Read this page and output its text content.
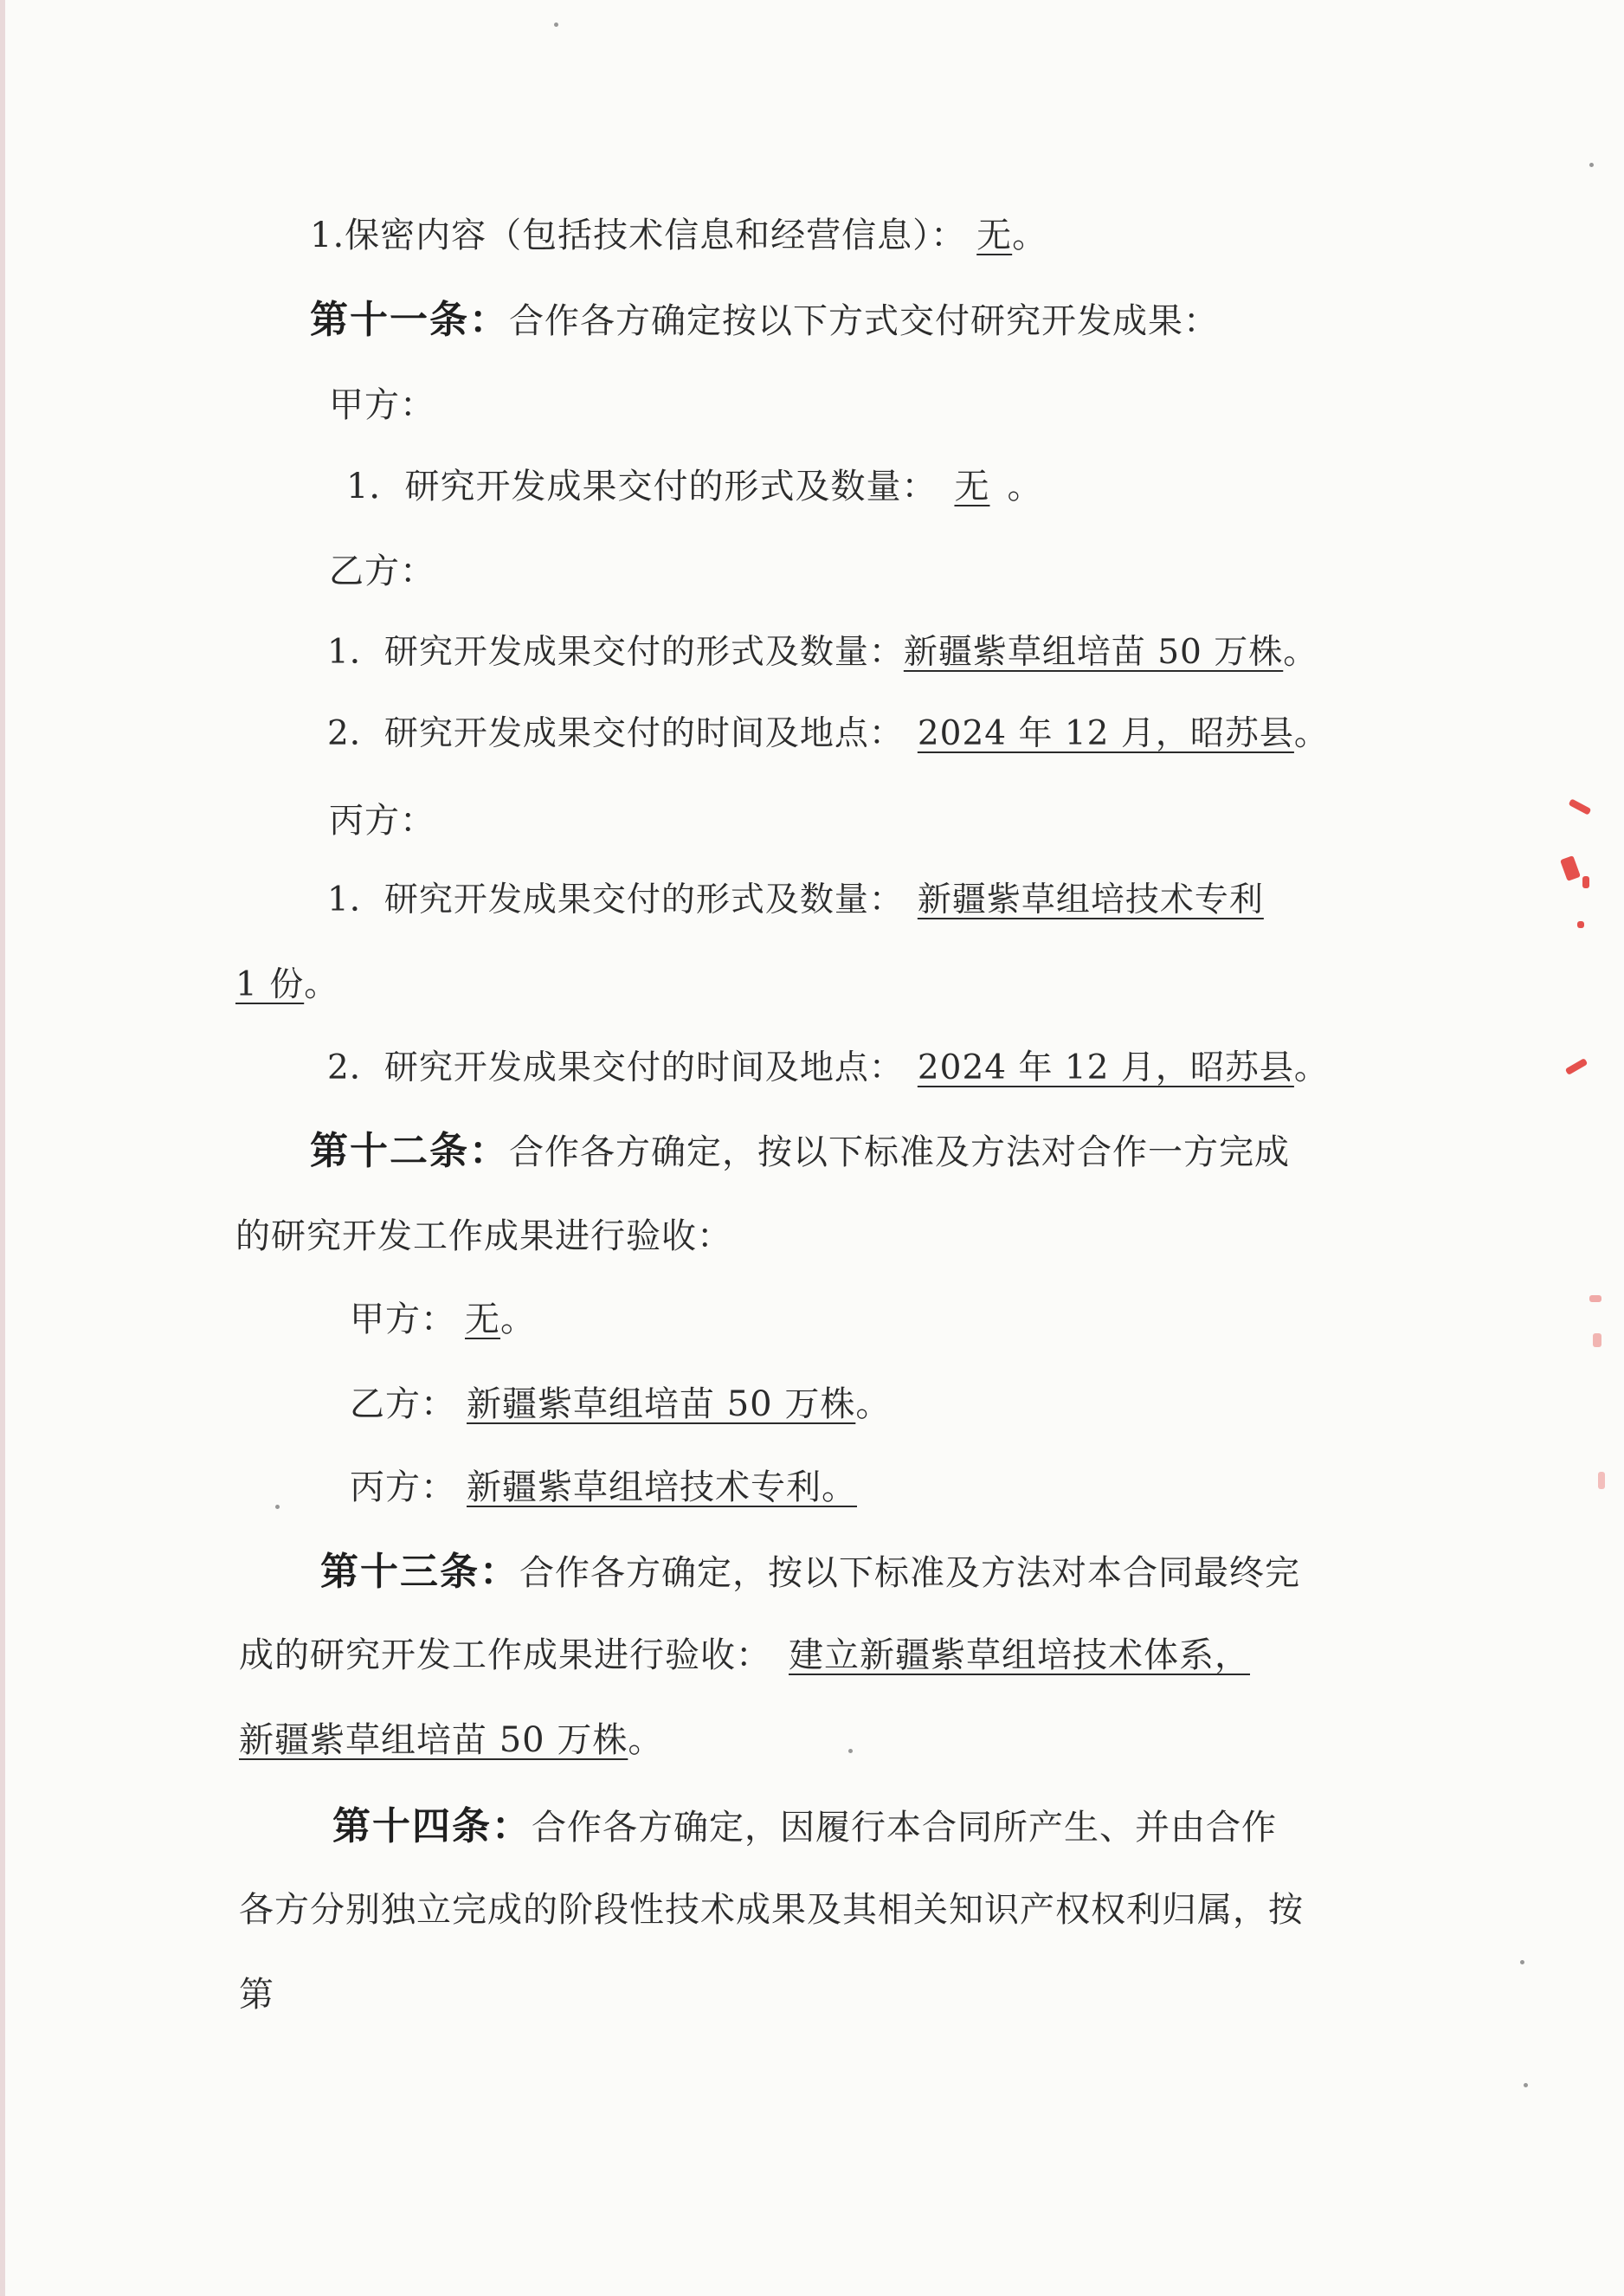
1.保密内容（包括技术信息和经营信息）： 无。
第十一条：合作各方确定按以下方式交付研究开发成果：
甲方：
1．研究开发成果交付的形式及数量： 无 。
乙方：
1．研究开发成果交付的形式及数量：新疆紫草组培苗 50 万株。
2．研究开发成果交付的时间及地点： 2024 年 12 月，昭苏县。
丙方：
1．研究开发成果交付的形式及数量： 新疆紫草组培技术专利
1 份。
2．研究开发成果交付的时间及地点： 2024 年 12 月，昭苏县。
第十二条：合作各方确定，按以下标准及方法对合作一方完成
的研究开发工作成果进行验收：
甲方： 无。
乙方： 新疆紫草组培苗 50 万株。
丙方： 新疆紫草组培技术专利。
第十三条：合作各方确定，按以下标准及方法对本合同最终完
成的研究开发工作成果进行验收： 建立新疆紫草组培技术体系，
新疆紫草组培苗 50 万株。
第十四条：合作各方确定，因履行本合同所产生、并由合作
各方分别独立完成的阶段性技术成果及其相关知识产权权利归属，按
第
